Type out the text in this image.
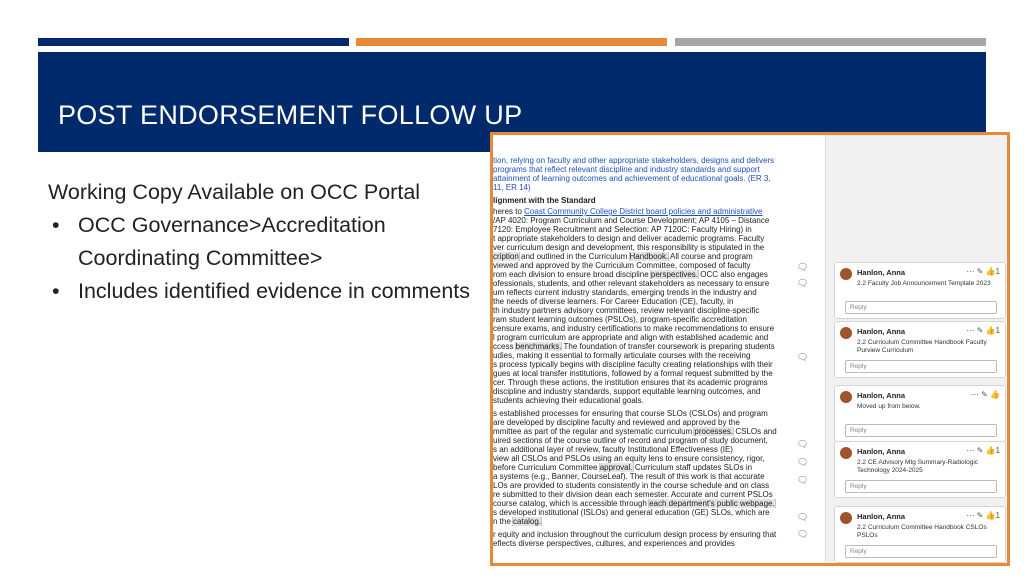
POST ENDORSEMENT FOLLOW UP
Working Copy Available on OCC Portal
• OCC Governance>Accreditation Coordinating Committee>
• Includes identified evidence in comments
tion, relying on faculty and other appropriate stakeholders, designs and delivers
programs that reflect relevant discipline and industry standards and support
attainment of learning outcomes and achievement of educational goals. (ER 3,
11, ER 14)
lignment with the Standard
heres to Coast Community College District board policies and administrative
/AP 4020: Program Curriculum and Course Development; AP 4105 – Distance
7120: Employee Recruitment and Selection: AP 7120C: Faculty Hiring) in
t appropriate stakeholders to design and deliver academic programs. Faculty
ver curriculum design and development, this responsibility is stipulated in the
cription and outlined in the Curriculum Handbook. All course and program
viewed and approved by the Curriculum Committee, composed of faculty
rom each division to ensure broad discipline perspectives. OCC also engages
ofessionals, students, and other relevant stakeholders as necessary to ensure
um reflects current industry standards, emerging trends in the industry and
the needs of diverse learners. For Career Education (CE), faculty, in
th industry partners advisory committees, review relevant discipline-specific
ram student learning outcomes (PSLOs), program-specific accreditation
censure exams, and industry certifications to make recommendations to ensure
l program curriculum are appropriate and align with established academic and
ccess benchmarks. The foundation of transfer coursework is preparing students
udies, making it essential to formally articulate courses with the receiving
s process typically begins with discipline faculty creating relationships with their
gues at local transfer institutions, followed by a formal request submitted by the
cer. Through these actions, the institution ensures that its academic programs
discipline and industry standards, support equitable learning outcomes, and
students achieving their educational goals.
s established processes for ensuring that course SLOs (CSLOs) and program
are developed by discipline faculty and reviewed and approved by the
mmittee as part of the regular and systematic curriculum processes. CSLOs and
uired sections of the course outline of record and program of study document,
s an additional layer of review, faculty Institutional Effectiveness (IE)
view all CSLOs and PSLOs using an equity lens to ensure consistency, rigor,
before Curriculum Committee approval. Curriculum staff updates SLOs in
a systems (e.g., Banner, CourseLeaf). The result of this work is that accurate
LOs are provided to students consistently in the course schedule and on class
re submitted to their division dean each semester. Accurate and current PSLOs
course catalog, which is accessible through each department's public webpage.
s developed institutional (ISLOs) and general education (GE) SLOs, which are
n the catalog.
r equity and inclusion throughout the curriculum design process by ensuring that
eflects diverse perspectives, cultures, and experiences and provides
🗨
🗨
🗨
🗨
🗨
🗨
🗨
🗨
Hanlon, Anna	⋯ ✎ 👍1
2.2 Faculty Job Announcement Template 2023
Reply
Hanlon, Anna	⋯ ✎ 👍1
2.2 Curriculum Committee Handbook Faculty Purview Curriculum
Reply
Hanlon, Anna	⋯ ✎ 👍
Moved up from below.
Reply
Hanlon, Anna	⋯ ✎ 👍1
2.2 CE Advisory Mtg Summary-Radiologic Technology 2024-2025
Reply
Hanlon, Anna	⋯ ✎ 👍1
2.2 Curriculum Committee Handbook CSLOs PSLOs
Reply
